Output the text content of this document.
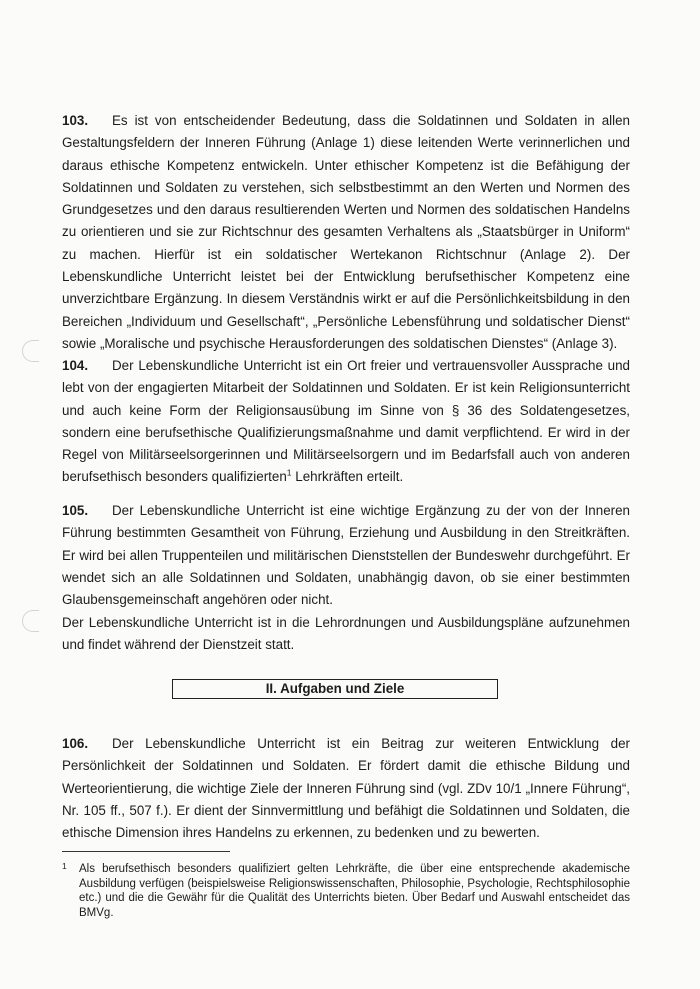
103. Es ist von entscheidender Bedeutung, dass die Soldatinnen und Soldaten in allen Gestaltungsfeldern der Inneren Führung (Anlage 1) diese leitenden Werte verinnerlichen und daraus ethische Kompetenz entwickeln. Unter ethischer Kompetenz ist die Befähigung der Soldatinnen und Soldaten zu verstehen, sich selbstbestimmt an den Werten und Normen des Grundgesetzes und den daraus resultierenden Werten und Normen des soldatischen Handelns zu orientieren und sie zur Richtschnur des gesamten Verhaltens als „Staatsbürger in Uniform“ zu machen. Hierfür ist ein soldatischer Wertekanon Richtschnur (Anlage 2). Der Lebenskundliche Unterricht leistet bei der Entwicklung berufsethischer Kompetenz eine unverzichtbare Ergänzung. In diesem Verständnis wirkt er auf die Persönlichkeitsbildung in den Bereichen „Individuum und Gesellschaft“, „Persönliche Lebensführung und soldatischer Dienst“ sowie „Moralische und psychische Herausforderungen des soldatischen Dienstes“ (Anlage 3).

104. Der Lebenskundliche Unterricht ist ein Ort freier und vertrauensvoller Aussprache und lebt von der engagierten Mitarbeit der Soldatinnen und Soldaten. Er ist kein Religionsunterricht und auch keine Form der Religionsausübung im Sinne von § 36 des Soldatengesetzes, sondern eine berufsethische Qualifizierungsmaßnahme und damit verpflichtend. Er wird in der Regel von Militärseelsorgerinnen und Militärseelsorgern und im Bedarfsfall auch von anderen berufsethisch besonders qualifizierten$^1$ Lehrkräften erteilt.

105. Der Lebenskundliche Unterricht ist eine wichtige Ergänzung zu der von der Inneren Führung bestimmten Gesamtheit von Führung, Erziehung und Ausbildung in den Streitkräften. Er wird bei allen Truppenteilen und militärischen Dienststellen der Bundeswehr durchgeführt. Er wendet sich an alle Soldatinnen und Soldaten, unabhängig davon, ob sie einer bestimmten Glaubensgemeinschaft angehören oder nicht.

Der Lebenskundliche Unterricht ist in die Lehrordnungen und Ausbildungspläne aufzunehmen und findet während der Dienstzeit statt.

II. Aufgaben und Ziele

106. Der Lebenskundliche Unterricht ist ein Beitrag zur weiteren Entwicklung der Persönlichkeit der Soldatinnen und Soldaten. Er fördert damit die ethische Bildung und Werteorientierung, die wichtige Ziele der Inneren Führung sind (vgl. ZDv 10/1 „Innere Führung“, Nr. 105 ff., 507 f.). Er dient der Sinnvermittlung und befähigt die Soldatinnen und Soldaten, die ethische Dimension ihres Handelns zu erkennen, zu bedenken und zu bewerten.

1 Als berufsethisch besonders qualifiziert gelten Lehrkräfte, die über eine entsprechende akademische Ausbildung verfügen (beispielsweise Religionswissenschaften, Philosophie, Psychologie, Rechtsphilosophie etc.) und die die Gewähr für die Qualität des Unterrichts bieten. Über Bedarf und Auswahl entscheidet das BMVg.
